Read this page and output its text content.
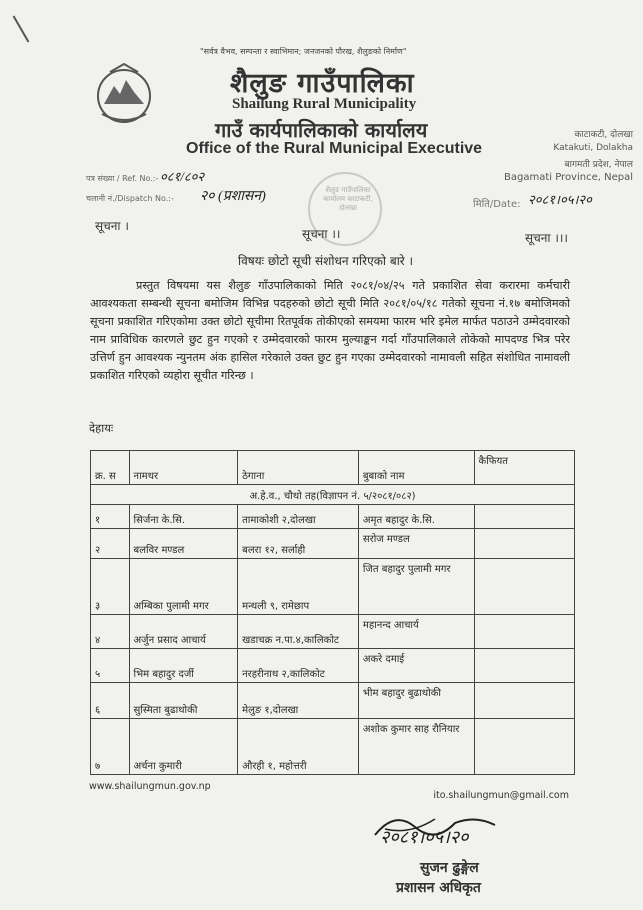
"सर्वत्र वैभव, सम्पन्‍ता र स्वाभिमान; जनजनको पौरख, शैलुङको निर्माण"
शैलुङ गाउँपालिका
Shailung Rural Municipality
गाउँ कार्यपालिकाको कार्यालय
Office of the Rural Municipal Executive
काटाकटी, दोलखा
Katakuti, Dolakha
बागमती प्रदेश, नेपाल
Bagamati Province, Nepal
पत्र संख्या / Ref. No.:- ०८१/८०२
चलानी नं./Dispatch No.:- २० (प्रशासन)
मिति/Date: २०८१।०५।२०
शैलुङ गाउँपालिका कार्यालय काटाकटी, दोलखा
सूचना ।
सूचना ।।	सूचना ।।।
विषयः छोटो सूची संशोधन गरिएको बारे ।
प्रस्तुत विषयमा यस शैलुङ गाँउपालिकाको मिति २०८१/०४/२५ गते प्रकाशित सेवा करारमा कर्मचारी आवश्यकता सम्बन्धी सूचना बमोजिम विभिन्न पदहरुको छोटो सूची मिति २०८१/०५/१८ गतेको सूचना नं.१७ बमोजिमको सूचना प्रकाशित गरिएकोमा उक्त छोटो सूचीमा रितपूर्वक तोकीएको समयमा फारम भरि इमेल मार्फत पठाउने उम्मेदवारको नाम प्राविधिक कारणले छुट हुन गएको र उम्मेदवारको फारम मुल्याङ्कन गर्दा गाँउपालिकाले तोकेको मापदण्ड भित्र परेर उत्तिर्ण हुन आवश्यक न्युनतम अंक हासिल गरेकाले उक्त छुट हुन गएका उम्मेदवारको नामावली सहित संशोधित नामावली प्रकाशित गरिएको व्यहोरा सूचीत गरिन्छ ।
देहायः
क्र. स	नामथर	ठेगाना	बुबाको नाम	कैफियत
अ.हे.व., चौथो तह(विज्ञापन नं. ५/२०८१/०८२)				
१	सिर्जना के.सि.	तामाकोशी २,दोलखा	अमृत बहादुर के.सि.	
२	बलविर मण्डल	बलरा १२, सर्लाही	सरोज मण्डल	
३	अम्बिका पुलामी मगर	मन्थली ९, रामेछाप	जित बहादुर पुलामी मगर	
४	अर्जुन प्रसाद आचार्य	खडाचक्र न.पा.४,कालिकोट	महानन्द आचार्य	
५	भिम बहादुर दर्जी	नरहरीनाथ २,कालिकोट	अकरे दमाई	
६	सुस्मिता बुढाथोकी	मेलुङ १,दोलखा	भीम बहादुर बुढाथोकी	
७	अर्चना कुमारी	औरही १, महोत्तरी	अशोक कुमार साह रौनियार	
www.shailungmun.gov.np
ito.shailungmun@gmail.com
२०८१।०५।२०
सुजन ढुङ्गेल
प्रशासन अधिकृत
